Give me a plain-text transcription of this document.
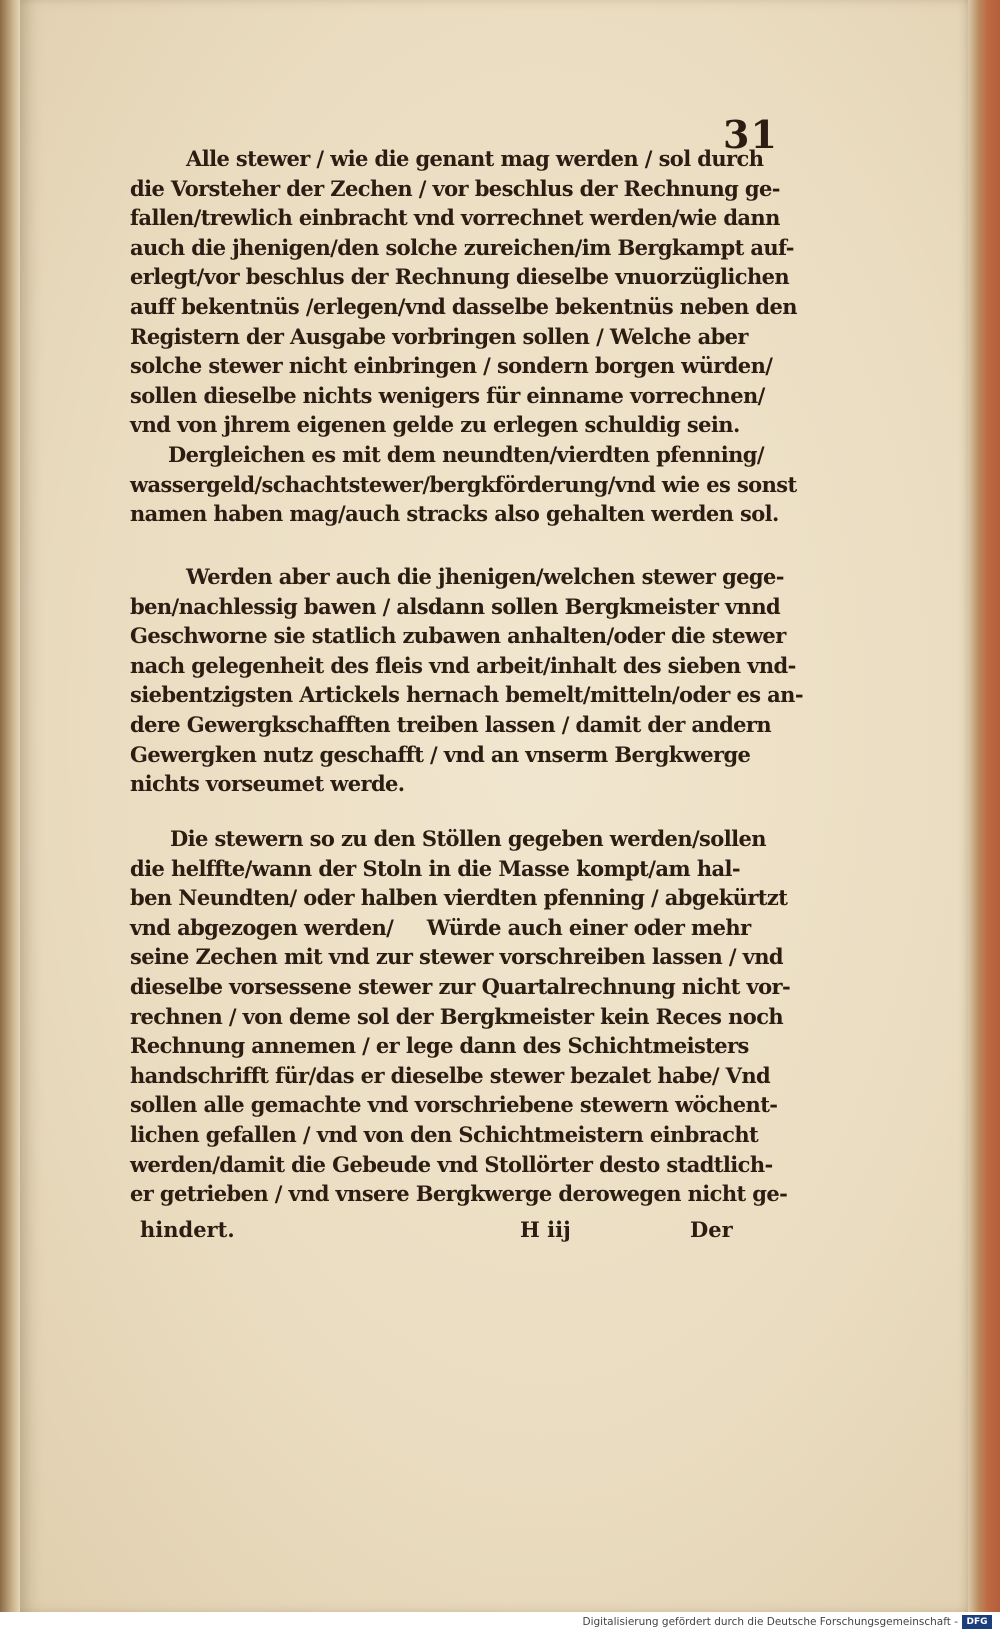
31
Alle stewer / wie die genant mag werden / sol durch
die Vorsteher der Zechen / vor beschlus der Rechnung ge-
fallen/trewlich einbracht vnd vorrechnet werden/wie dann
auch die jhenigen/den solche zureichen/im Bergkampt auf-
erlegt/vor beschlus der Rechnung dieselbe vnuorzüglichen
auff bekentnüs /erlegen/vnd dasselbe bekentnüs neben den
Registern der Ausgabe vorbringen sollen / Welche aber
solche stewer nicht einbringen / sondern borgen würden/
sollen dieselbe nichts wenigers für einname vorrechnen/
vnd von jhrem eigenen gelde zu erlegen schuldig sein.
Dergleichen es mit dem neundten/vierdten pfenning/
wassergeld/schachtstewer/bergkförderung/vnd wie es sonst
namen haben mag/auch stracks also gehalten werden sol.
Werden aber auch die jhenigen/welchen stewer gege-
ben/nachlessig bawen / alsdann sollen Bergkmeister vnnd
Geschworne sie statlich zubawen anhalten/oder die stewer
nach gelegenheit des fleis vnd arbeit/inhalt des sieben vnd-
siebentzigsten Artickels hernach bemelt/mitteln/oder es an-
dere Gewergkschafften treiben lassen / damit der andern
Gewergken nutz geschafft / vnd an vnserm Bergkwerge
nichts vorseumet werde.
Die stewern so zu den Stöllen gegeben werden/sollen
die helffte/wann der Stoln in die Masse kompt/am hal-
ben Neundten/ oder halben vierdten pfenning / abgekürtzt
vnd abgezogen werden/     Würde auch einer oder mehr
seine Zechen mit vnd zur stewer vorschreiben lassen / vnd
dieselbe vorsessene stewer zur Quartalrechnung nicht vor-
rechnen / von deme sol der Bergkmeister kein Reces noch
Rechnung annemen / er lege dann des Schichtmeisters
handschrifft für/das er dieselbe stewer bezalet habe/ Vnd
sollen alle gemachte vnd vorschriebene stewern wöchent-
lichen gefallen / vnd von den Schichtmeistern einbracht
werden/damit die Gebeude vnd Stollörter desto stadtlich-
er getrieben / vnd vnsere Bergkwerge derowegen nicht ge-
hindert.	H iij	Der
Digitalisierung gefördert durch die Deutsche Forschungsgemeinschaft - DFG
